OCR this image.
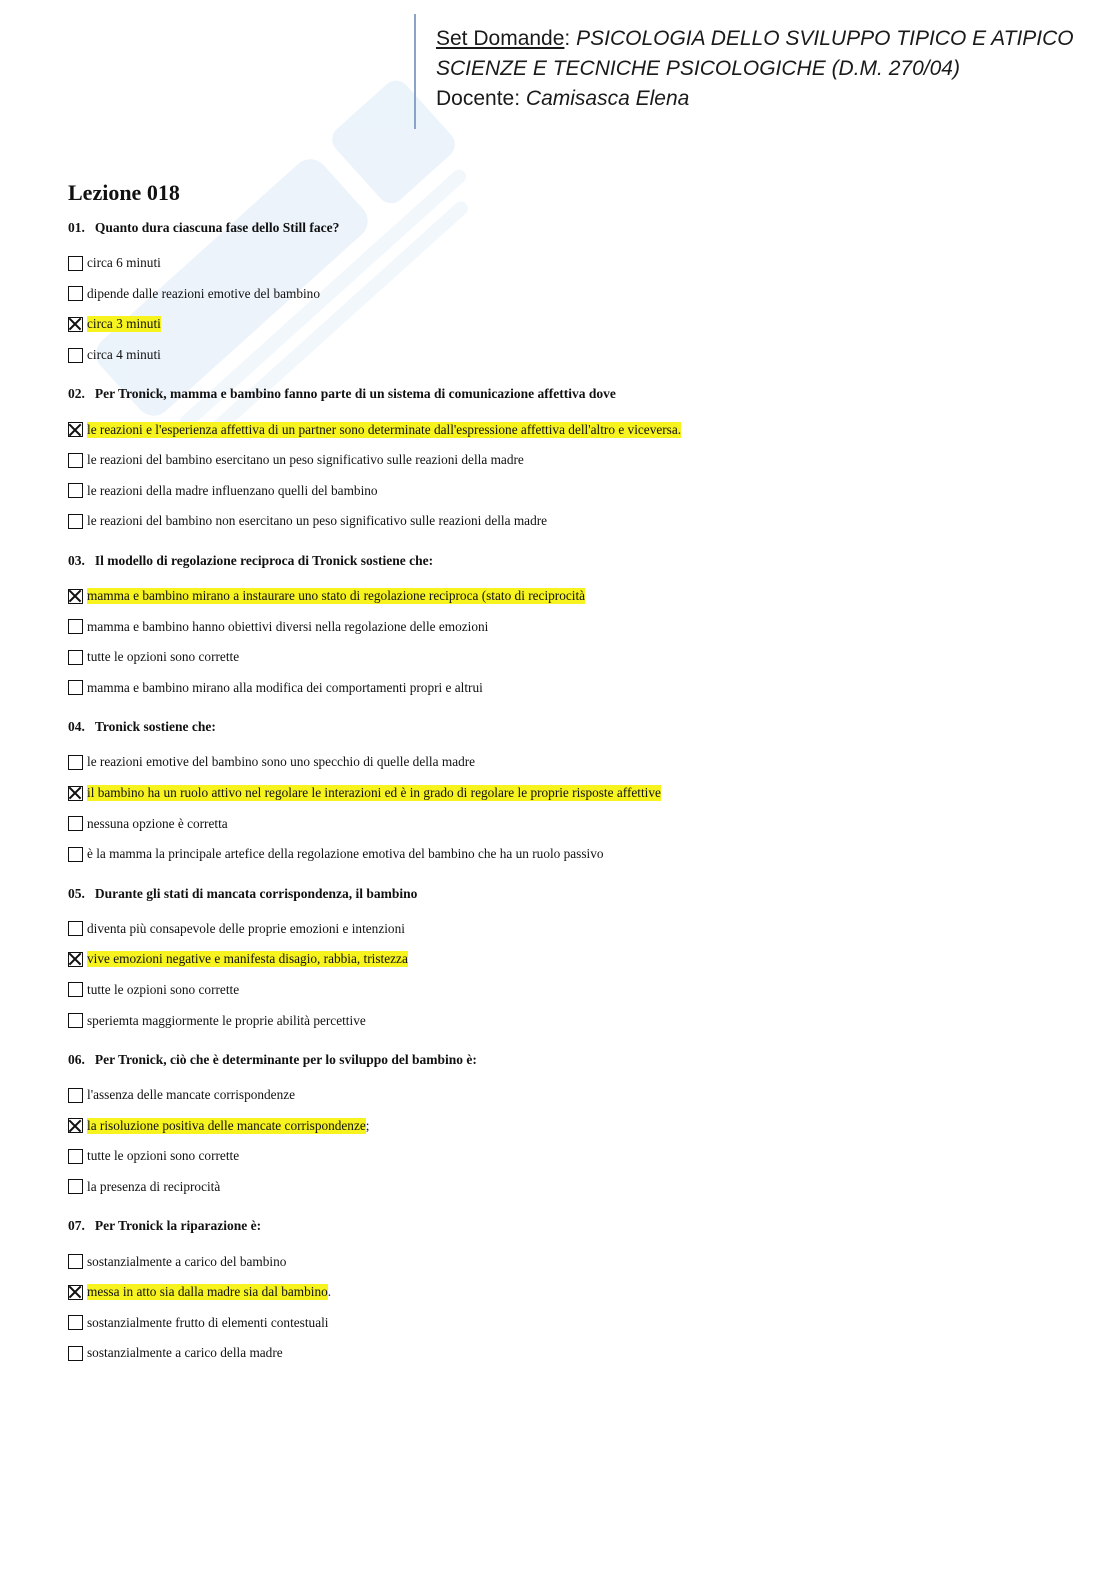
Set Domande: PSICOLOGIA DELLO SVILUPPO TIPICO E ATIPICO
SCIENZE E TECNICHE PSICOLOGICHE (D.M. 270/04)
Docente: Camisasca Elena
Lezione 018
01. Quanto dura ciascuna fase dello Still face?
circa 6 minuti
dipende dalle reazioni emotive del bambino
circa 3 minuti
circa 4 minuti
02. Per Tronick, mamma e bambino fanno parte di un sistema di comunicazione affettiva dove
le reazioni e l'esperienza affettiva di un partner sono determinate dall'espressione affettiva dell'altro e viceversa.
le reazioni del bambino esercitano un peso significativo sulle reazioni della madre
le reazioni della madre influenzano quelli del bambino
le reazioni del bambino non esercitano un peso significativo sulle reazioni della madre
03. Il modello di regolazione reciproca di Tronick sostiene che:
mamma e bambino mirano a instaurare uno stato di regolazione reciproca (stato di reciprocità
mamma e bambino hanno obiettivi diversi nella regolazione delle emozioni
tutte le opzioni sono corrette
mamma e bambino mirano alla modifica dei comportamenti propri e altrui
04. Tronick sostiene che:
le reazioni emotive del bambino sono uno specchio di quelle della madre
il bambino ha un ruolo attivo nel regolare le interazioni ed è in grado di regolare le proprie risposte affettive
nessuna opzione è corretta
è la mamma la principale artefice della regolazione emotiva del bambino che ha un ruolo passivo
05. Durante gli stati di mancata corrispondenza, il bambino
diventa più consapevole delle proprie emozioni e intenzioni
vive emozioni negative e manifesta disagio, rabbia, tristezza
tutte le ozpioni sono corrette
speriemta maggiormente le proprie abilità percettive
06. Per Tronick, ciò che è determinante per lo sviluppo del bambino è:
l'assenza delle mancate corrispondenze
la risoluzione positiva delle mancate corrispondenze ;
tutte le opzioni sono corrette
la presenza di reciprocità
07. Per Tronick la riparazione è:
sostanzialmente a carico del bambino
messa in atto sia dalla madre sia dal bambino .
sostanzialmente frutto di elementi contestuali
sostanzialmente a carico della madre
